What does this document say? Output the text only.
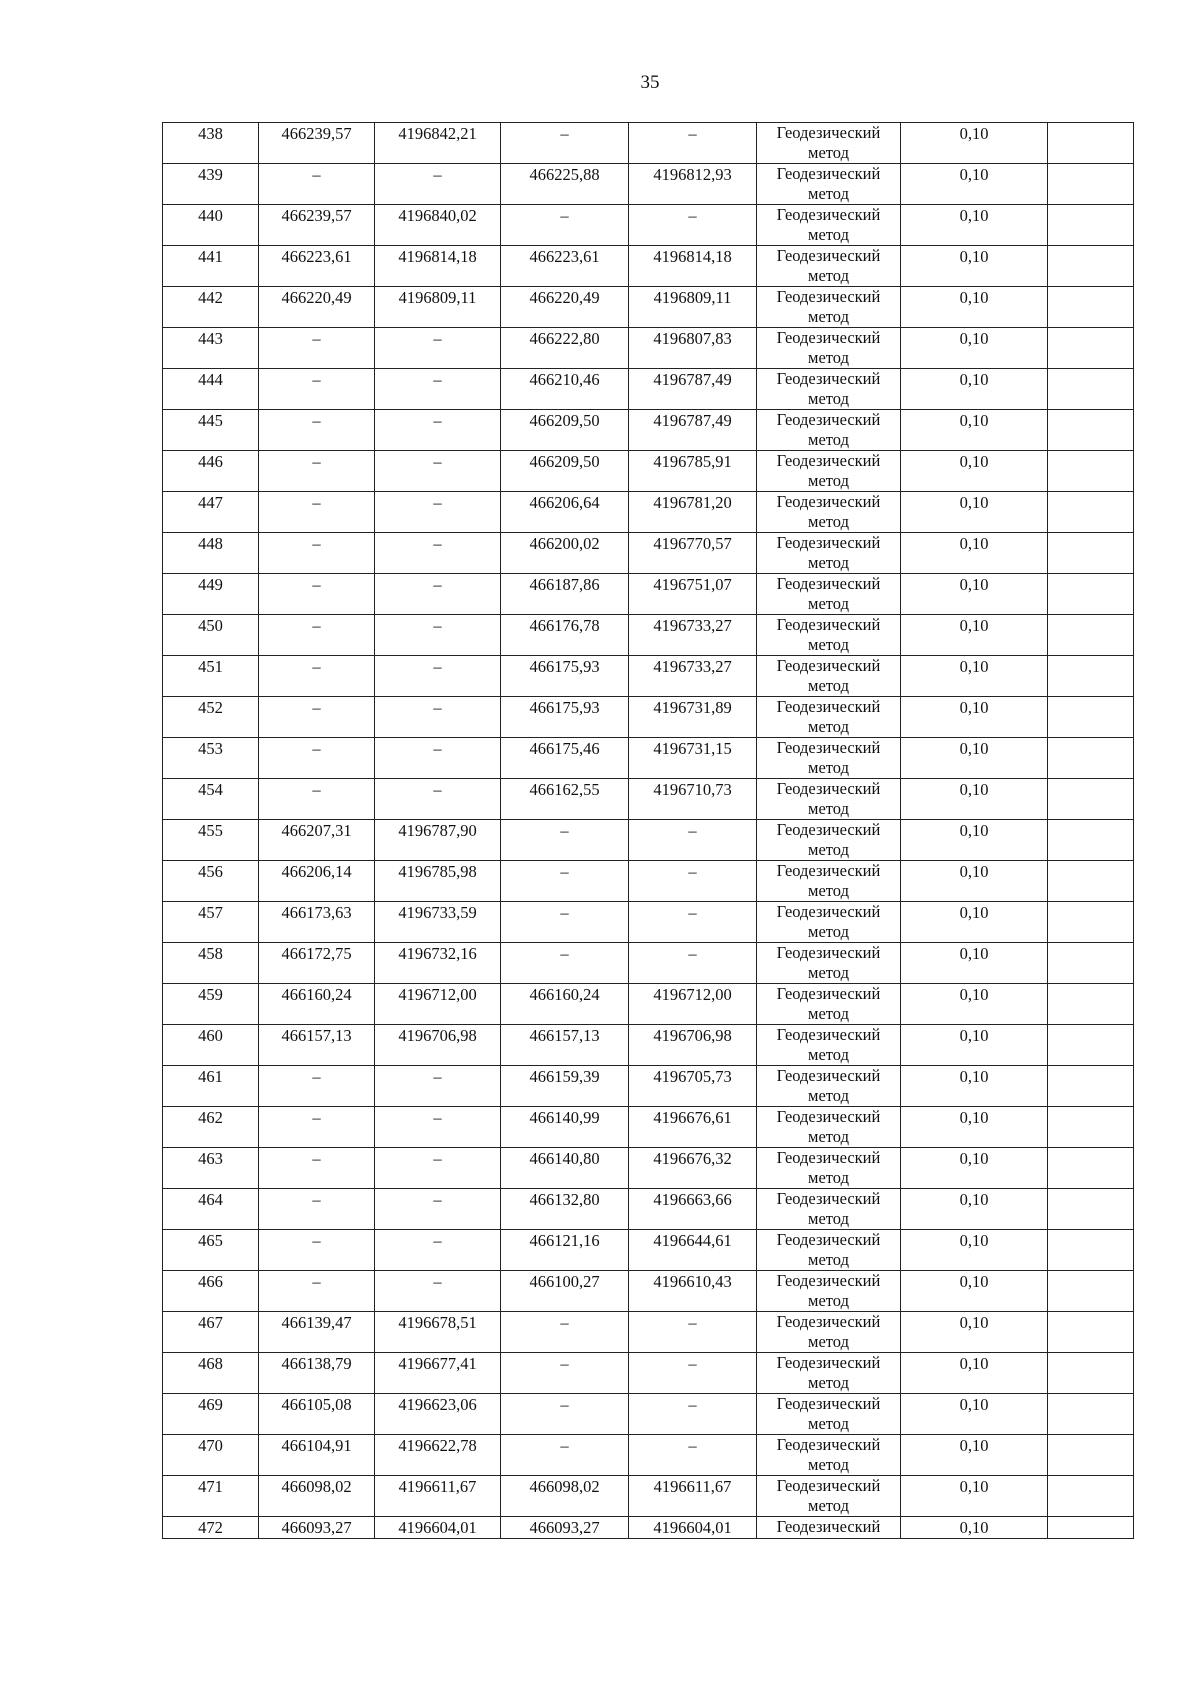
35
438	466239,57	4196842,21	–	–	Геодезический
метод	0,10	
439	–	–	466225,88	4196812,93	Геодезический
метод	0,10	
440	466239,57	4196840,02	–	–	Геодезический
метод	0,10	
441	466223,61	4196814,18	466223,61	4196814,18	Геодезический
метод	0,10	
442	466220,49	4196809,11	466220,49	4196809,11	Геодезический
метод	0,10	
443	–	–	466222,80	4196807,83	Геодезический
метод	0,10	
444	–	–	466210,46	4196787,49	Геодезический
метод	0,10	
445	–	–	466209,50	4196787,49	Геодезический
метод	0,10	
446	–	–	466209,50	4196785,91	Геодезический
метод	0,10	
447	–	–	466206,64	4196781,20	Геодезический
метод	0,10	
448	–	–	466200,02	4196770,57	Геодезический
метод	0,10	
449	–	–	466187,86	4196751,07	Геодезический
метод	0,10	
450	–	–	466176,78	4196733,27	Геодезический
метод	0,10	
451	–	–	466175,93	4196733,27	Геодезический
метод	0,10	
452	–	–	466175,93	4196731,89	Геодезический
метод	0,10	
453	–	–	466175,46	4196731,15	Геодезический
метод	0,10	
454	–	–	466162,55	4196710,73	Геодезический
метод	0,10	
455	466207,31	4196787,90	–	–	Геодезический
метод	0,10	
456	466206,14	4196785,98	–	–	Геодезический
метод	0,10	
457	466173,63	4196733,59	–	–	Геодезический
метод	0,10	
458	466172,75	4196732,16	–	–	Геодезический
метод	0,10	
459	466160,24	4196712,00	466160,24	4196712,00	Геодезический
метод	0,10	
460	466157,13	4196706,98	466157,13	4196706,98	Геодезический
метод	0,10	
461	–	–	466159,39	4196705,73	Геодезический
метод	0,10	
462	–	–	466140,99	4196676,61	Геодезический
метод	0,10	
463	–	–	466140,80	4196676,32	Геодезический
метод	0,10	
464	–	–	466132,80	4196663,66	Геодезический
метод	0,10	
465	–	–	466121,16	4196644,61	Геодезический
метод	0,10	
466	–	–	466100,27	4196610,43	Геодезический
метод	0,10	
467	466139,47	4196678,51	–	–	Геодезический
метод	0,10	
468	466138,79	4196677,41	–	–	Геодезический
метод	0,10	
469	466105,08	4196623,06	–	–	Геодезический
метод	0,10	
470	466104,91	4196622,78	–	–	Геодезический
метод	0,10	
471	466098,02	4196611,67	466098,02	4196611,67	Геодезический
метод	0,10	
472	466093,27	4196604,01	466093,27	4196604,01	Геодезический	0,10	
